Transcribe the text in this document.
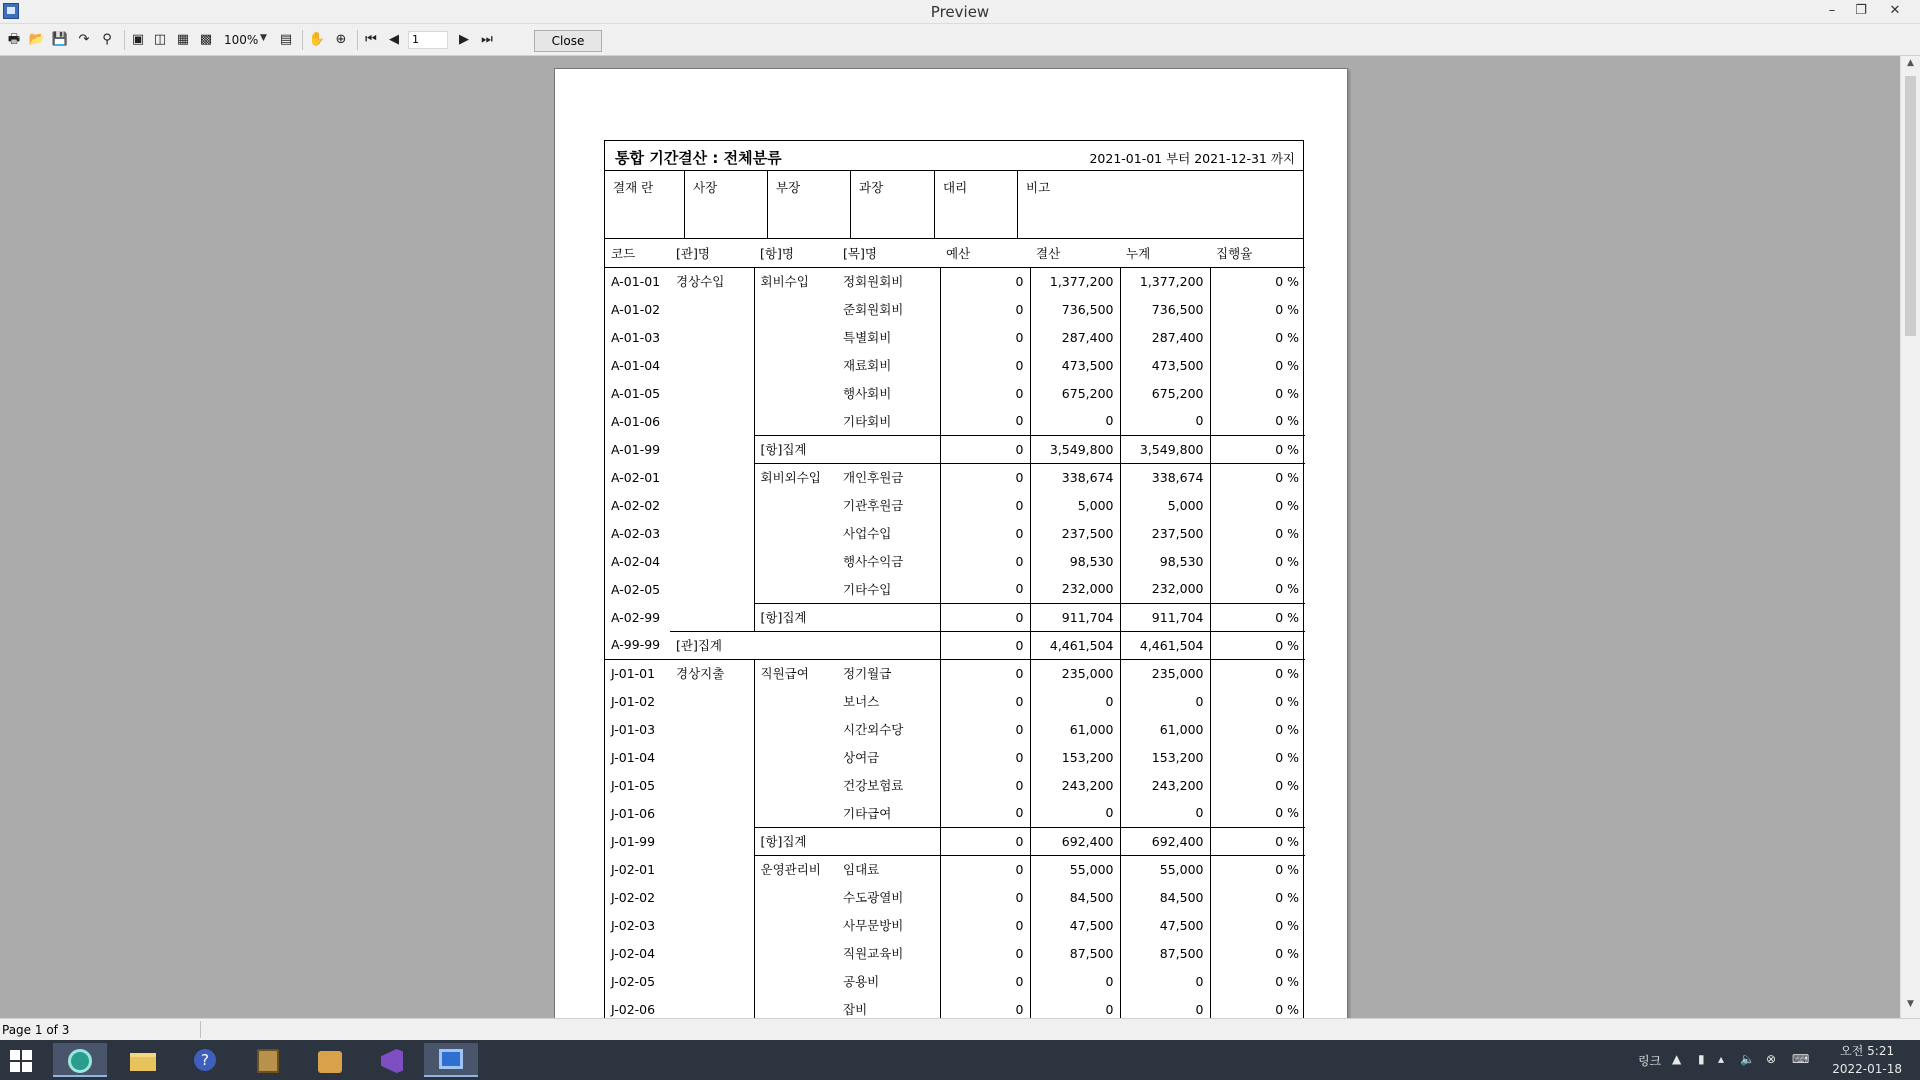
Preview	–	❐	✕
🖶 📂 💾 ↷ ⚲	▣ ◫ ▦ ▩ 100% ▼ ▤ ✋ ⊕	⏮ ◀	1	▶ ⏭	Close
통합 기간결산 : 전체분류	2021-01-01 부터 2021-12-31 까지
결재 란	사장	부장	과장	대리	비고
코드	[관]명	[항]명	[목]명	예산	결산	누계	집행율
A-01-01	경상수입	회비수입	정회원회비	0	1,377,200	1,377,200	0 %
A-01-02			준회원회비	0	736,500	736,500	0 %
A-01-03			특별회비	0	287,400	287,400	0 %
A-01-04			재료회비	0	473,500	473,500	0 %
A-01-05			행사회비	0	675,200	675,200	0 %
A-01-06			기타회비	0	0	0	0 %
A-01-99		[항]집계		0	3,549,800	3,549,800	0 %
A-02-01		회비외수입	개인후원금	0	338,674	338,674	0 %
A-02-02			기관후원금	0	5,000	5,000	0 %
A-02-03			사업수입	0	237,500	237,500	0 %
A-02-04			행사수익금	0	98,530	98,530	0 %
A-02-05			기타수입	0	232,000	232,000	0 %
A-02-99		[항]집계		0	911,704	911,704	0 %
A-99-99	[관]집계			0	4,461,504	4,461,504	0 %
J-01-01	경상지출	직원급여	정기월급	0	235,000	235,000	0 %
J-01-02			보너스	0	0	0	0 %
J-01-03			시간외수당	0	61,000	61,000	0 %
J-01-04			상여금	0	153,200	153,200	0 %
J-01-05			건강보험료	0	243,200	243,200	0 %
J-01-06			기타급여	0	0	0	0 %
J-01-99		[항]집계		0	692,400	692,400	0 %
J-02-01		운영관리비	임대료	0	55,000	55,000	0 %
J-02-02			수도광열비	0	84,500	84,500	0 %
J-02-03			사무문방비	0	47,500	47,500	0 %
J-02-04			직원교육비	0	87,500	87,500	0 %
J-02-05			공용비	0	0	0	0 %
J-02-06			잡비	0	0	0	0 %
▲
▼
Page 1 of 3
?	링크 ▲ ▮ ▴ 🔈 ⊗ ⌨
오전 5:21
2022-01-18
